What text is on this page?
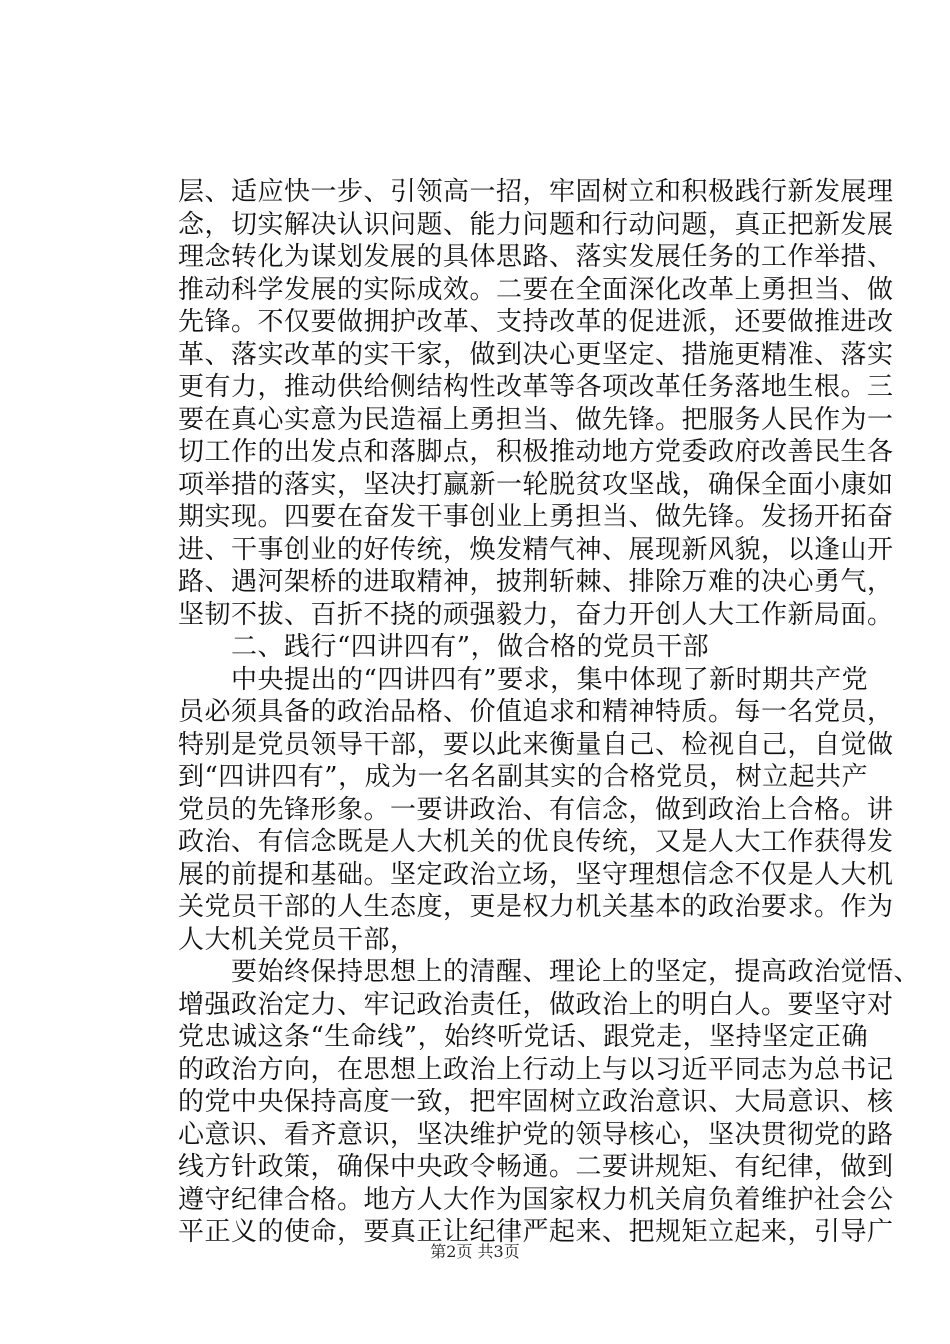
层、适应快一步、引领高一招，牢固树立和积极践行新发展理
念，切实解决认识问题、能力问题和行动问题，真正把新发展
理念转化为谋划发展的具体思路、落实发展任务的工作举措、
推动科学发展的实际成效。二要在全面深化改革上勇担当、做
先锋。不仅要做拥护改革、支持改革的促进派，还要做推进改
革、落实改革的实干家，做到决心更坚定、措施更精准、落实
更有力，推动供给侧结构性改革等各项改革任务落地生根。三
要在真心实意为民造福上勇担当、做先锋。把服务人民作为一
切工作的出发点和落脚点，积极推动地方党委政府改善民生各
项举措的落实，坚决打赢新一轮脱贫攻坚战，确保全面小康如
期实现。四要在奋发干事创业上勇担当、做先锋。发扬开拓奋
进、干事创业的好传统，焕发精气神、展现新风貌，以逢山开
路、遇河架桥的进取精神，披荆斩棘、排除万难的决心勇气，
坚韧不拔、百折不挠的顽强毅力，奋力开创人大工作新局面。
　　二、践行“四讲四有”，做合格的党员干部
　　中央提出的“四讲四有”要求，集中体现了新时期共产党
员必须具备的政治品格、价值追求和精神特质。每一名党员，
特别是党员领导干部，要以此来衡量自己、检视自己，自觉做
到“四讲四有”，成为一名名副其实的合格党员，树立起共产
党员的先锋形象。一要讲政治、有信念，做到政治上合格。讲
政治、有信念既是人大机关的优良传统，又是人大工作获得发
展的前提和基础。坚定政治立场，坚守理想信念不仅是人大机
关党员干部的人生态度，更是权力机关基本的政治要求。作为
人大机关党员干部，
　　要始终保持思想上的清醒、理论上的坚定，提高政治觉悟、
增强政治定力、牢记政治责任，做政治上的明白人。要坚守对
党忠诚这条“生命线”，始终听党话、跟党走，坚持坚定正确
的政治方向，在思想上政治上行动上与以习近平同志为总书记
的党中央保持高度一致，把牢固树立政治意识、大局意识、核
心意识、看齐意识，坚决维护党的领导核心，坚决贯彻党的路
线方针政策，确保中央政令畅通。二要讲规矩、有纪律，做到
遵守纪律合格。地方人大作为国家权力机关肩负着维护社会公
平正义的使命，要真正让纪律严起来、把规矩立起来，引导广
第2页 共3页
